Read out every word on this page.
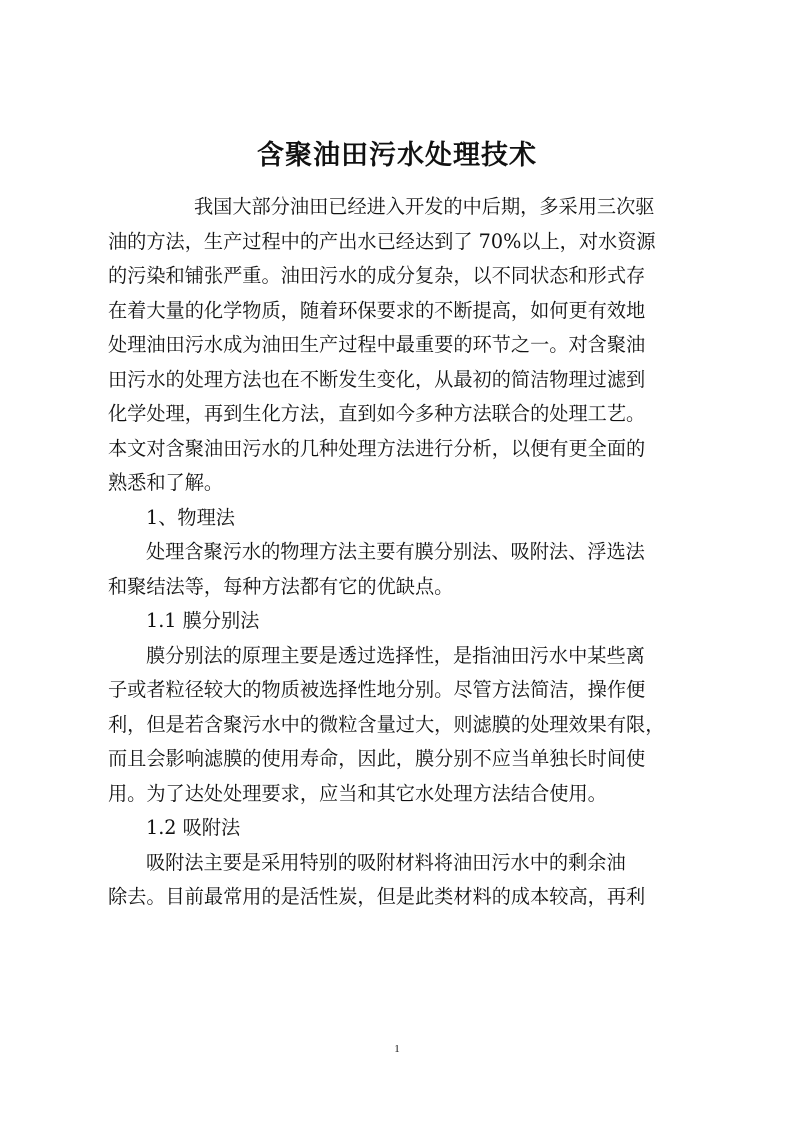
含聚油田污水处理技术

我国大部分油田已经进入开发的中后期，多采用三次驱
油的方法，生产过程中的产出水已经达到了 70%以上，对水资源
的污染和铺张严重。油田污水的成分复杂，以不同状态和形式存
在着大量的化学物质，随着环保要求的不断提高，如何更有效地
处理油田污水成为油田生产过程中最重要的环节之一。对含聚油
田污水的处理方法也在不断发生变化，从最初的简洁物理过滤到
化学处理，再到生化方法，直到如今多种方法联合的处理工艺。
本文对含聚油田污水的几种处理方法进行分析，以便有更全面的
熟悉和了解。

1、物理法

处理含聚污水的物理方法主要有膜分别法、吸附法、浮选法
和聚结法等，每种方法都有它的优缺点。

1.1 膜分别法

膜分别法的原理主要是透过选择性，是指油田污水中某些离
子或者粒径较大的物质被选择性地分别。尽管方法简洁，操作便
利，但是若含聚污水中的微粒含量过大，则滤膜的处理效果有限，
而且会影响滤膜的使用寿命，因此，膜分别不应当单独长时间使
用。为了达处处理要求，应当和其它水处理方法结合使用。

1.2 吸附法

吸附法主要是采用特别的吸附材料将油田污水中的剩余油
除去。目前最常用的是活性炭，但是此类材料的成本较高，再利

1
